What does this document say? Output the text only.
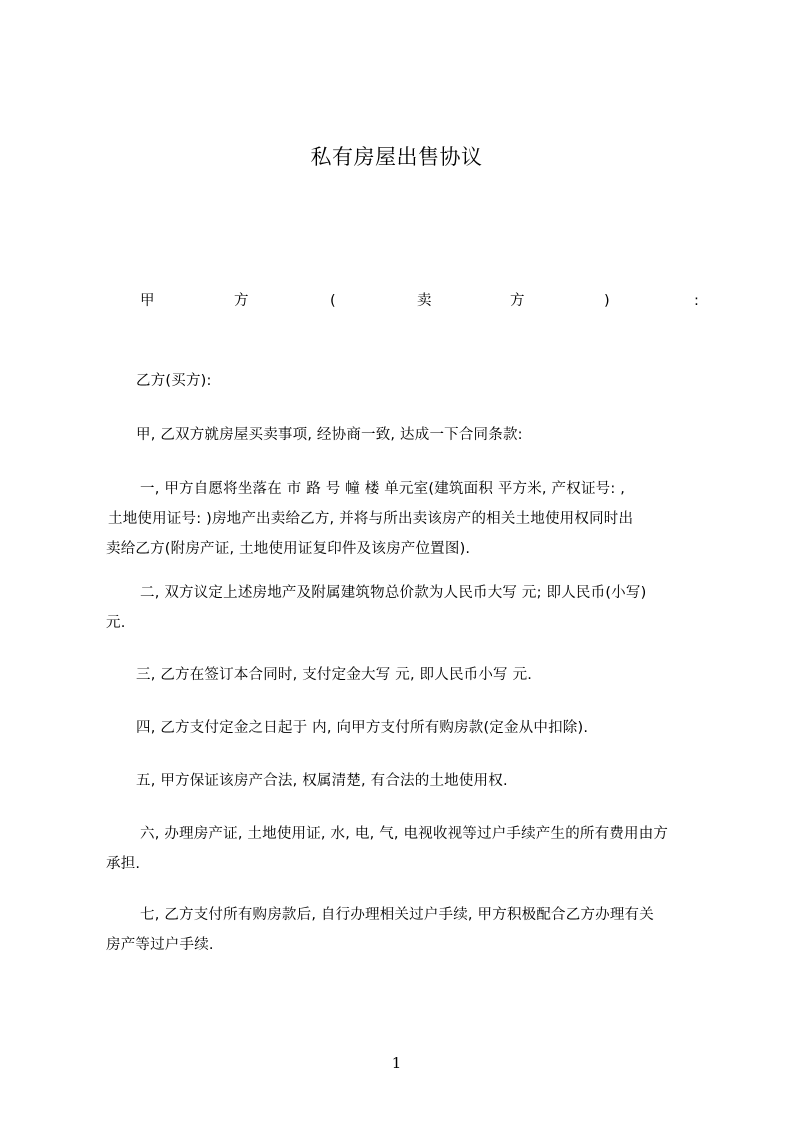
私有房屋出售协议
甲	方	(	卖	方	)	:
乙方(买方):
甲, 乙双方就房屋买卖事项, 经协商一致, 达成一下合同条款:
一, 甲方自愿将坐落在 市 路 号 幢 楼 单元室(建筑面积 平方米, 产权证号: ,
土地使用证号: )房地产出卖给乙方, 并将与所出卖该房产的相关土地使用权同时出
卖给乙方(附房产证, 土地使用证复印件及该房产位置图).
二, 双方议定上述房地产及附属建筑物总价款为人民币大写 元; 即人民币(小写)
元.
三, 乙方在签订本合同时, 支付定金大写 元, 即人民币小写 元.
四, 乙方支付定金之日起于 内, 向甲方支付所有购房款(定金从中扣除).
五, 甲方保证该房产合法, 权属清楚, 有合法的土地使用权.
六, 办理房产证, 土地使用证, 水, 电, 气, 电视收视等过户手续产生的所有费用由方
承担.
七, 乙方支付所有购房款后, 自行办理相关过户手续, 甲方积极配合乙方办理有关
房产等过户手续.
1
